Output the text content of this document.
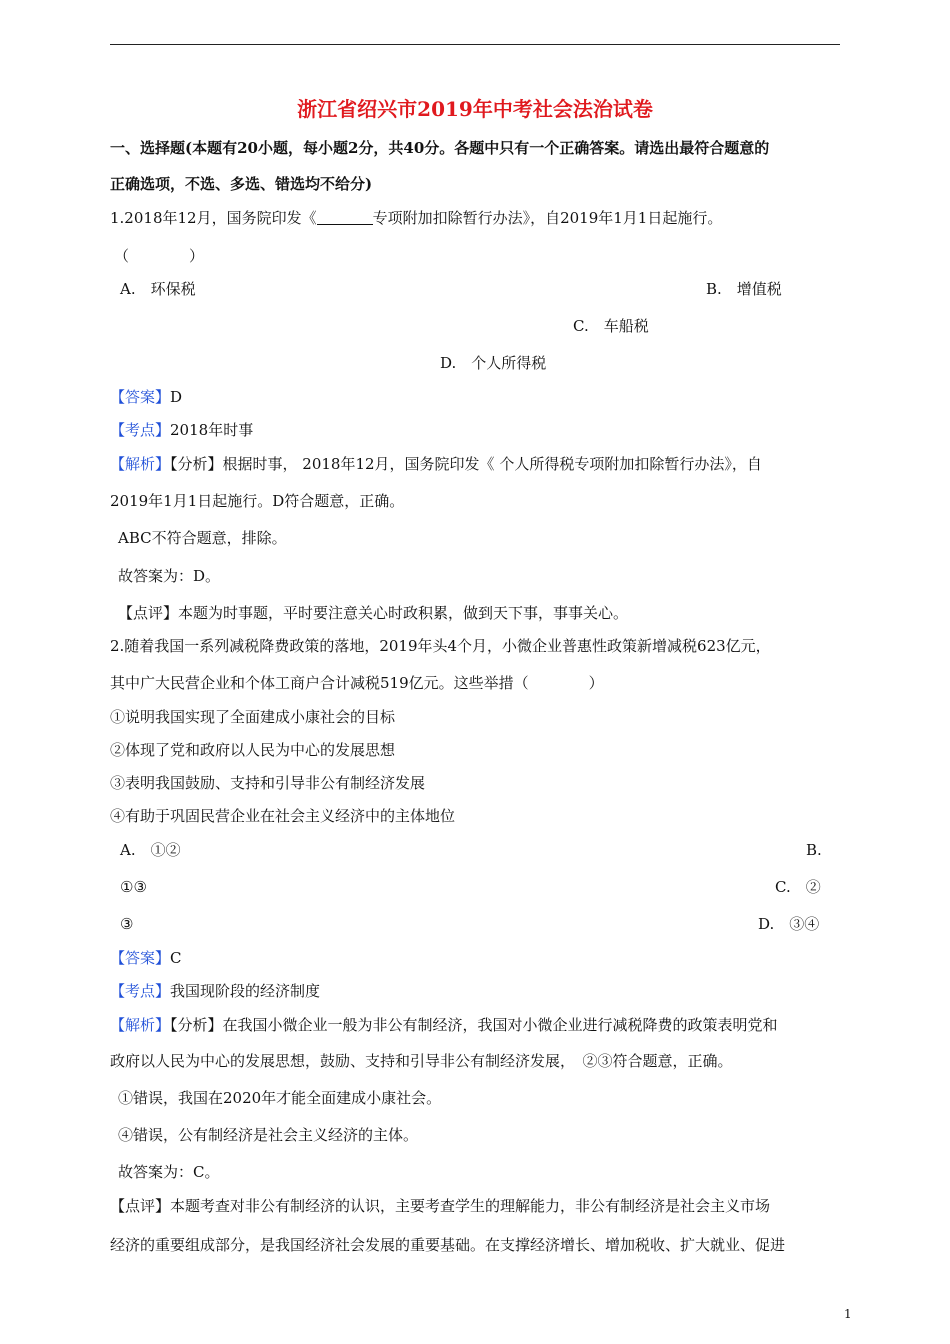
浙江省绍兴市2019年中考社会法治试卷
一、选择题(本题有20小题，每小题2分，共40分。各题中只有一个正确答案。请选出最符合题意的
正确选项，不选、多选、错选均不给分)
1.2018年12月，国务院印发《	专项附加扣除暂行办法》，自2019年1月1日起施行。
（　　　　）
A.　环保税	B.　增值税
C.　车船税
D.　个人所得税
【答案】D
【考点】2018年时事
【解析】【分析】根据时事， 2018年12月，国务院印发《 个人所得税专项附加扣除暂行办法》，自
2019年1月1日起施行。D符合题意，正确。
ABC不符合题意，排除。
故答案为：D。
【点评】本题为时事题，平时要注意关心时政积累，做到天下事，事事关心。
2.随着我国一系列减税降费政策的落地，2019年头4个月，小微企业普惠性政策新增减税623亿元，
其中广大民营企业和个体工商户合计减税519亿元。这些举措（　　　　）
①说明我国实现了全面建成小康社会的目标
②体现了党和政府以人民为中心的发展思想
③表明我国鼓励、支持和引导非公有制经济发展
④有助于巩固民营企业在社会主义经济中的主体地位
A.　①②	B.
①③	C.　②
③	D.　③④
【答案】C
【考点】我国现阶段的经济制度
【解析】【分析】在我国小微企业一般为非公有制经济，我国对小微企业进行减税降费的政策表明党和
政府以人民为中心的发展思想，鼓励、支持和引导非公有制经济发展，　②③符合题意，正确。
①错误，我国在2020年才能全面建成小康社会。
④错误，公有制经济是社会主义经济的主体。
故答案为：C。
【点评】本题考查对非公有制经济的认识，主要考查学生的理解能力，非公有制经济是社会主义市场
经济的重要组成部分，是我国经济社会发展的重要基础。在支撑经济增长、增加税收、扩大就业、促进
1
